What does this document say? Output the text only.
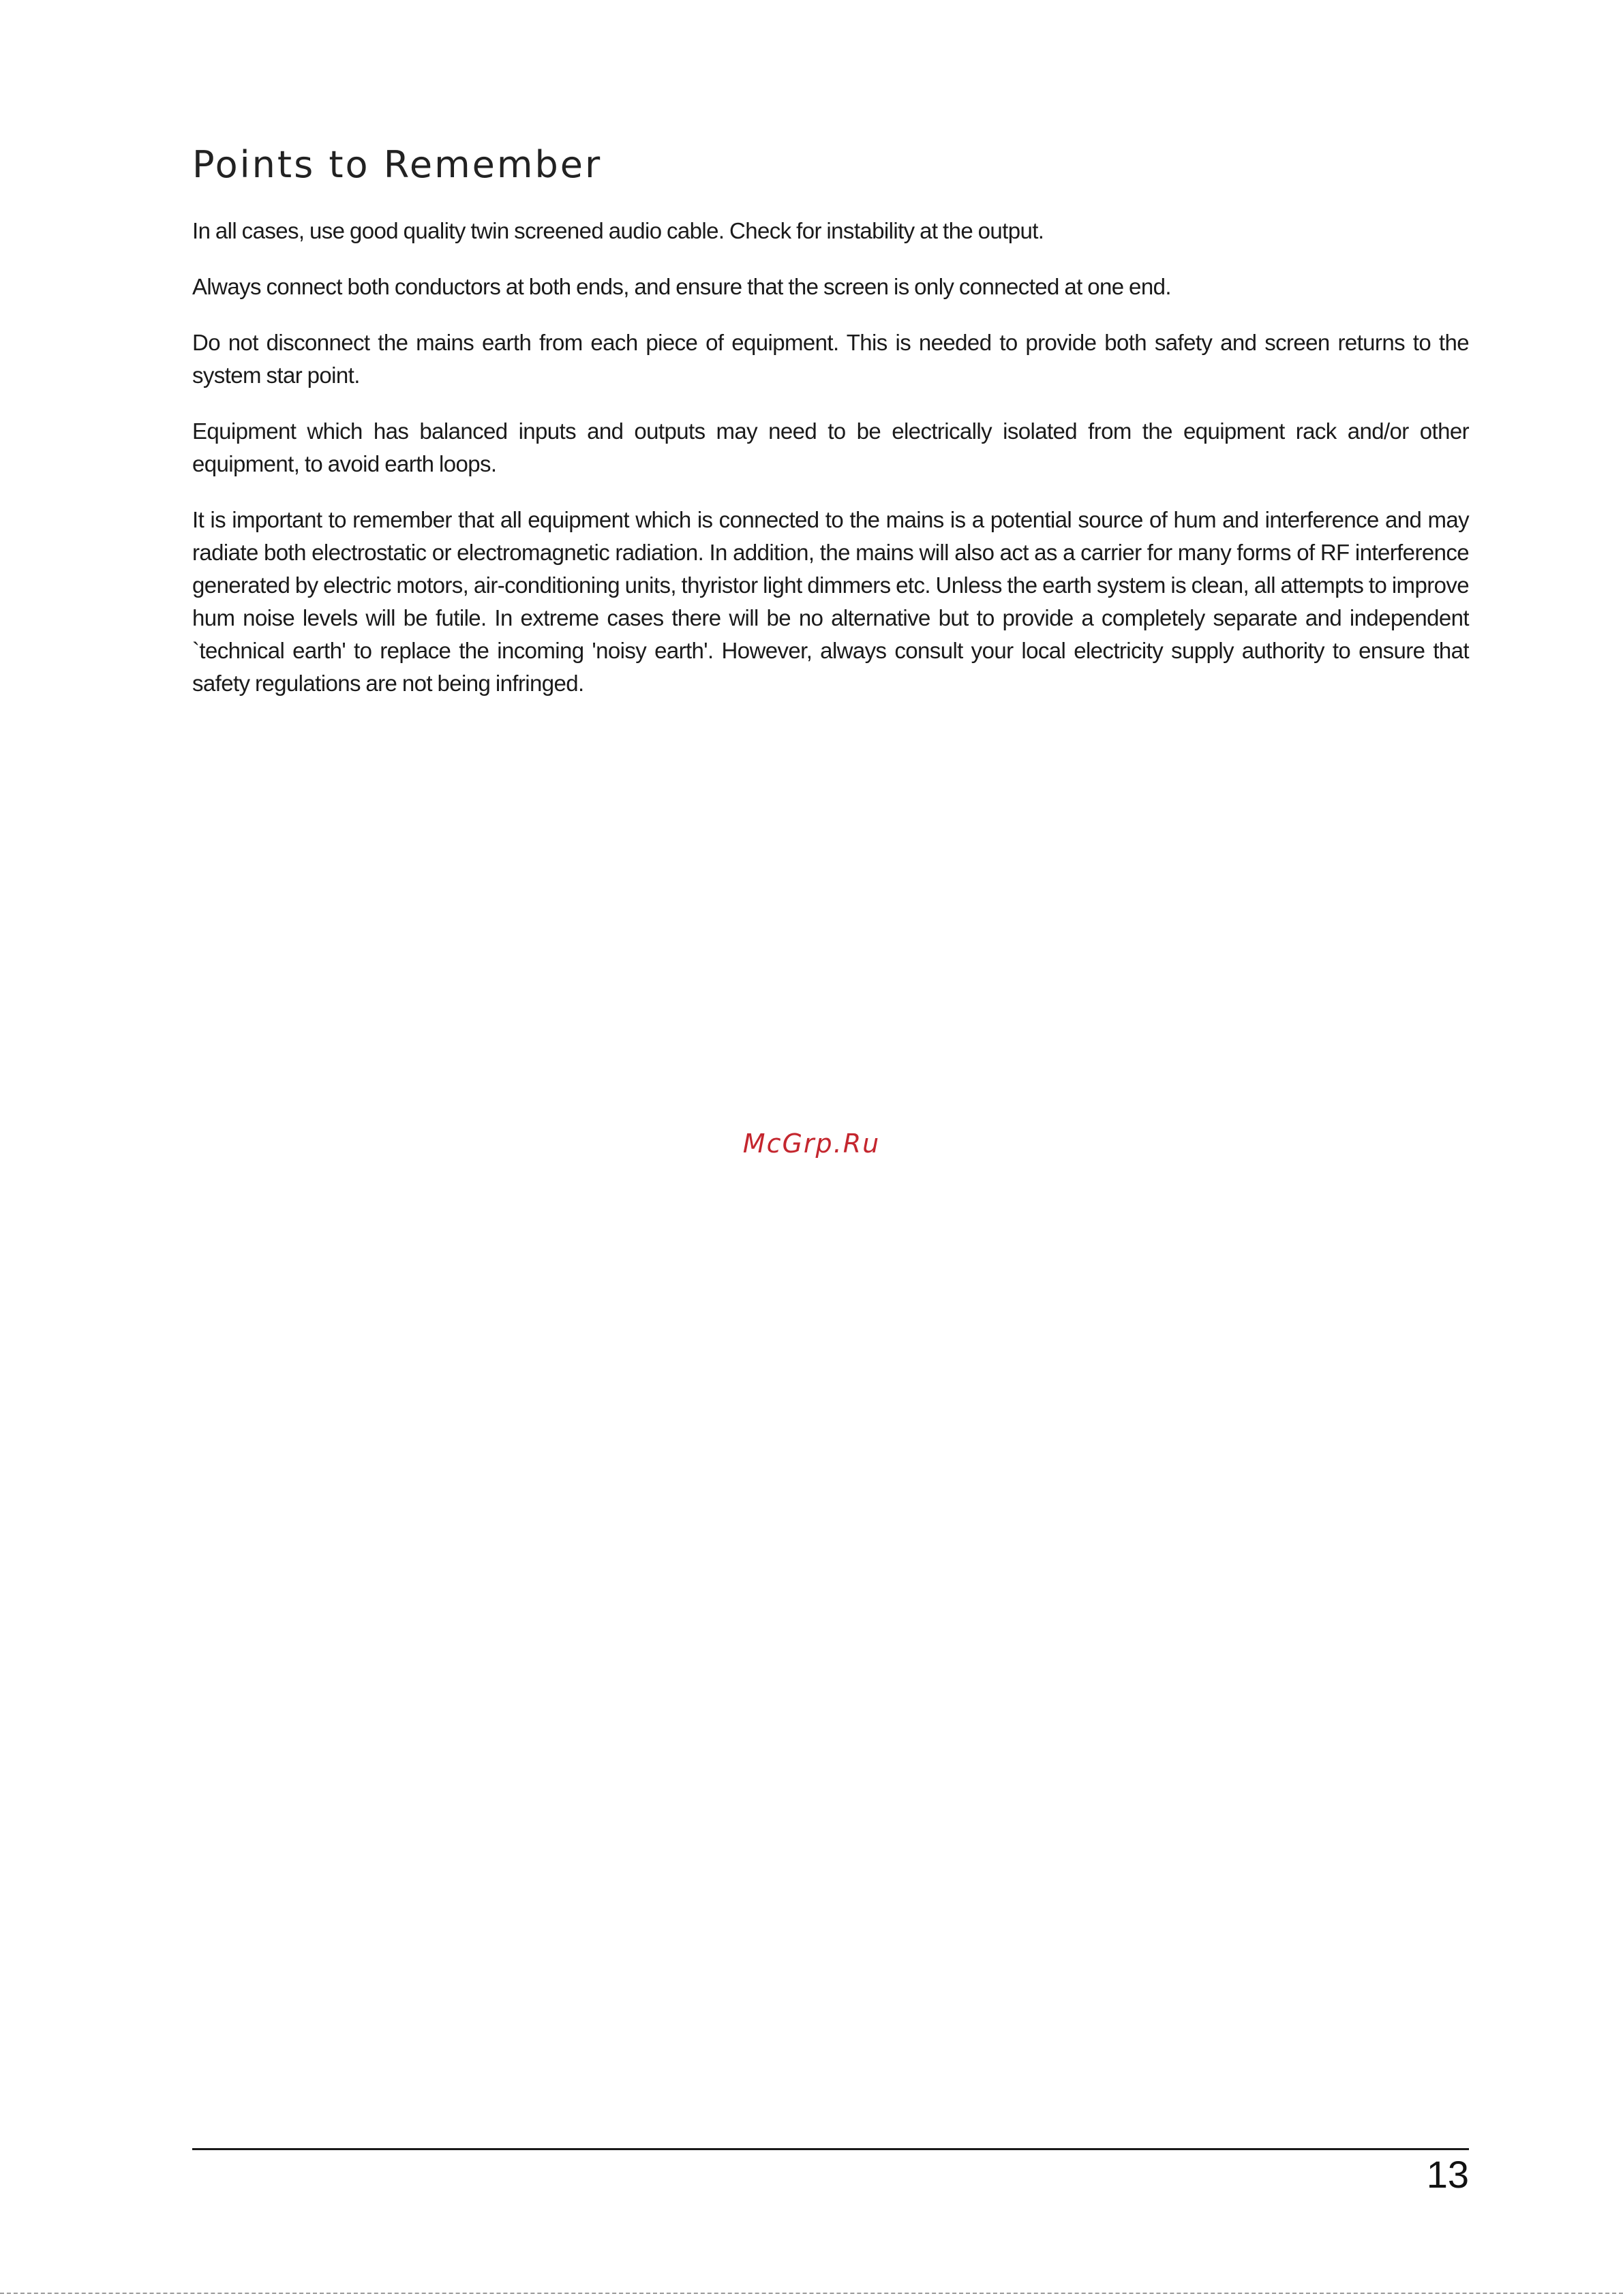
Points to Remember

In all cases, use good quality twin screened audio cable. Check for instability at the output.

Always connect both conductors at both ends, and ensure that the screen is only connected at one end.

Do not disconnect the mains earth from each piece of equipment. This is needed to provide both safety and screen returns to the system star point.

Equipment which has balanced inputs and outputs may need to be electrically isolated from the equipment rack and/or other equipment, to avoid earth loops.

It is important to remember that all equipment which is connected to the mains is a potential source of hum and interference and may radiate both electrostatic or electromagnetic radiation. In addition, the mains will also act as a carrier for many forms of RF interference generated by electric motors, air-conditioning units, thyristor light dimmers etc. Unless the earth system is clean, all attempts to improve hum noise levels will be futile. In extreme cases there will be no alternative but to provide a completely separate and independent `technical earth' to replace the incoming 'noisy earth'. However, always consult your local electricity supply authority to ensure that safety regulations are not being infringed.

McGrp.Ru
13
